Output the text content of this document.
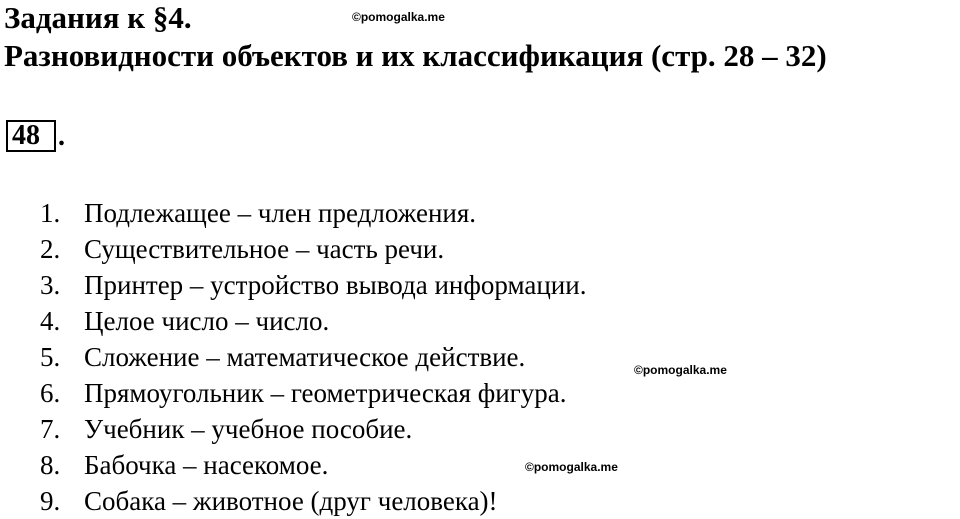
Задания к §4.	©pomogalka.me
Разновидности объектов и их классификация (стр. 28 – 32)
48 .
1. Подлежащее – член предложения.
2. Существительное – часть речи.
3. Принтер – устройство вывода информации.
4. Целое число – число.
5. Сложение – математическое действие.
6. Прямоугольник – геометрическая фигура.
7. Учебник – учебное пособие.
8. Бабочка – насекомое.
9. Собака – животное (друг человека)!
©pomogalka.me
©pomogalka.me
